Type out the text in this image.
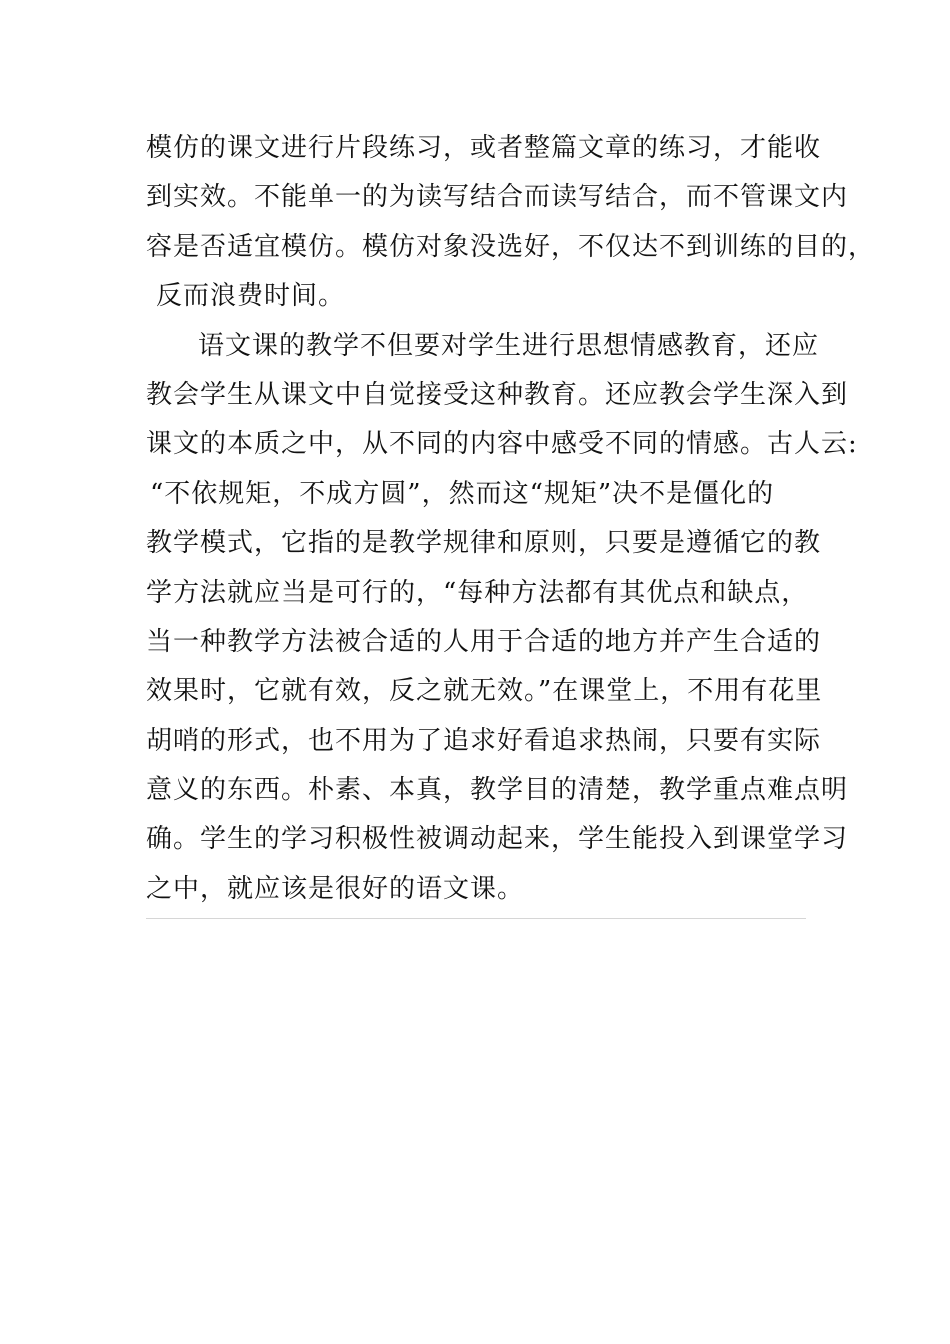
模仿的课文进行片段练习，或者整篇文章的练习，才能收
到实效。不能单一的为读写结合而读写结合，而不管课文内
容是否适宜模仿。模仿对象没选好，不仅达不到训练的目的，
反而浪费时间。
语文课的教学不但要对学生进行思想情感教育，还应
教会学生从课文中自觉接受这种教育。还应教会学生深入到
课文的本质之中，从不同的内容中感受不同的情感。古人云:
“不依规矩，不成方圆”，然而这“规矩”决不是僵化的
教学模式，它指的是教学规律和原则，只要是遵循它的教
学方法就应当是可行的，“每种方法都有其优点和缺点，
当一种教学方法被合适的人用于合适的地方并产生合适的
效果时，它就有效，反之就无效。”在课堂上，不用有花里
胡哨的形式，也不用为了追求好看追求热闹，只要有实际
意义的东西。朴素、本真，教学目的清楚，教学重点难点明
确。学生的学习积极性被调动起来，学生能投入到课堂学习
之中，就应该是很好的语文课。
